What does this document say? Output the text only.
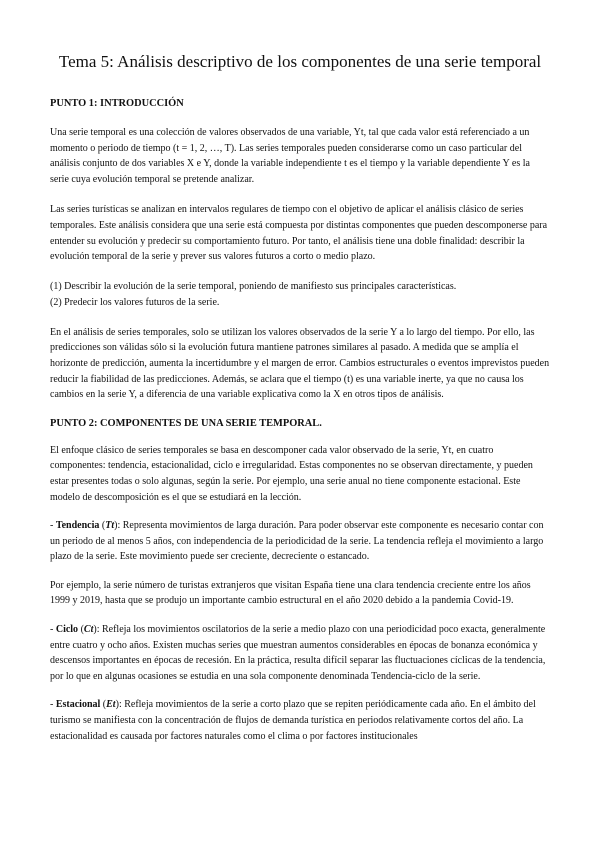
Tema 5: Análisis descriptivo de los componentes de una serie temporal

PUNTO 1: INTRODUCCIÓN

Una serie temporal es una colección de valores observados de una variable, Yt, tal que cada valor está referenciado a un momento o periodo de tiempo (t = 1, 2, …, T). Las series temporales pueden considerarse como un caso particular del análisis conjunto de dos variables X e Y, donde la variable independiente t es el tiempo y la variable dependiente Y es la serie cuya evolución temporal se pretende analizar.

Las series turísticas se analizan en intervalos regulares de tiempo con el objetivo de aplicar el análisis clásico de series temporales. Este análisis considera que una serie está compuesta por distintas componentes que pueden descomponerse para entender su evolución y predecir su comportamiento futuro. Por tanto, el análisis tiene una doble finalidad: describir la evolución temporal de la serie y prever sus valores futuros a corto o medio plazo.

(1) Describir la evolución de la serie temporal, poniendo de manifiesto sus principales características.

(2) Predecir los valores futuros de la serie.

En el análisis de series temporales, solo se utilizan los valores observados de la serie Y a lo largo del tiempo. Por ello, las predicciones son válidas sólo si la evolución futura mantiene patrones similares al pasado. A medida que se amplía el horizonte de predicción, aumenta la incertidumbre y el margen de error. Cambios estructurales o eventos imprevistos pueden reducir la fiabilidad de las predicciones. Además, se aclara que el tiempo (t) es una variable inerte, ya que no causa los cambios en la serie Y, a diferencia de una variable explicativa como la X en otros tipos de análisis.

PUNTO 2: COMPONENTES DE UNA SERIE TEMPORAL.

El enfoque clásico de series temporales se basa en descomponer cada valor observado de la serie, Yt, en cuatro componentes: tendencia, estacionalidad, ciclo e irregularidad. Estas componentes no se observan directamente, y pueden estar presentes todas o solo algunas, según la serie. Por ejemplo, una serie anual no tiene componente estacional. Este modelo de descomposición es el que se estudiará en la lección.

- Tendencia (Tt): Representa movimientos de larga duración. Para poder observar este componente es necesario contar con un periodo de al menos 5 años, con independencia de la periodicidad de la serie. La tendencia refleja el movimiento a largo plazo de la serie. Este movimiento puede ser creciente, decreciente o estancado.

Por ejemplo, la serie número de turistas extranjeros que visitan España tiene una clara tendencia creciente entre los años 1999 y 2019, hasta que se produjo un importante cambio estructural en el año 2020 debido a la pandemia Covid-19.

- Ciclo (Ct): Refleja los movimientos oscilatorios de la serie a medio plazo con una periodicidad poco exacta, generalmente entre cuatro y ocho años. Existen muchas series que muestran aumentos considerables en épocas de bonanza económica y descensos importantes en épocas de recesión. En la práctica, resulta difícil separar las fluctuaciones cíclicas de la tendencia, por lo que en algunas ocasiones se estudia en una sola componente denominada Tendencia-ciclo de la serie.

- Estacional (Et): Refleja movimientos de la serie a corto plazo que se repiten periódicamente cada año. En el ámbito del turismo se manifiesta con la concentración de flujos de demanda turística en periodos relativamente cortos del año. La estacionalidad es causada por factores naturales como el clima o por factores institucionales
